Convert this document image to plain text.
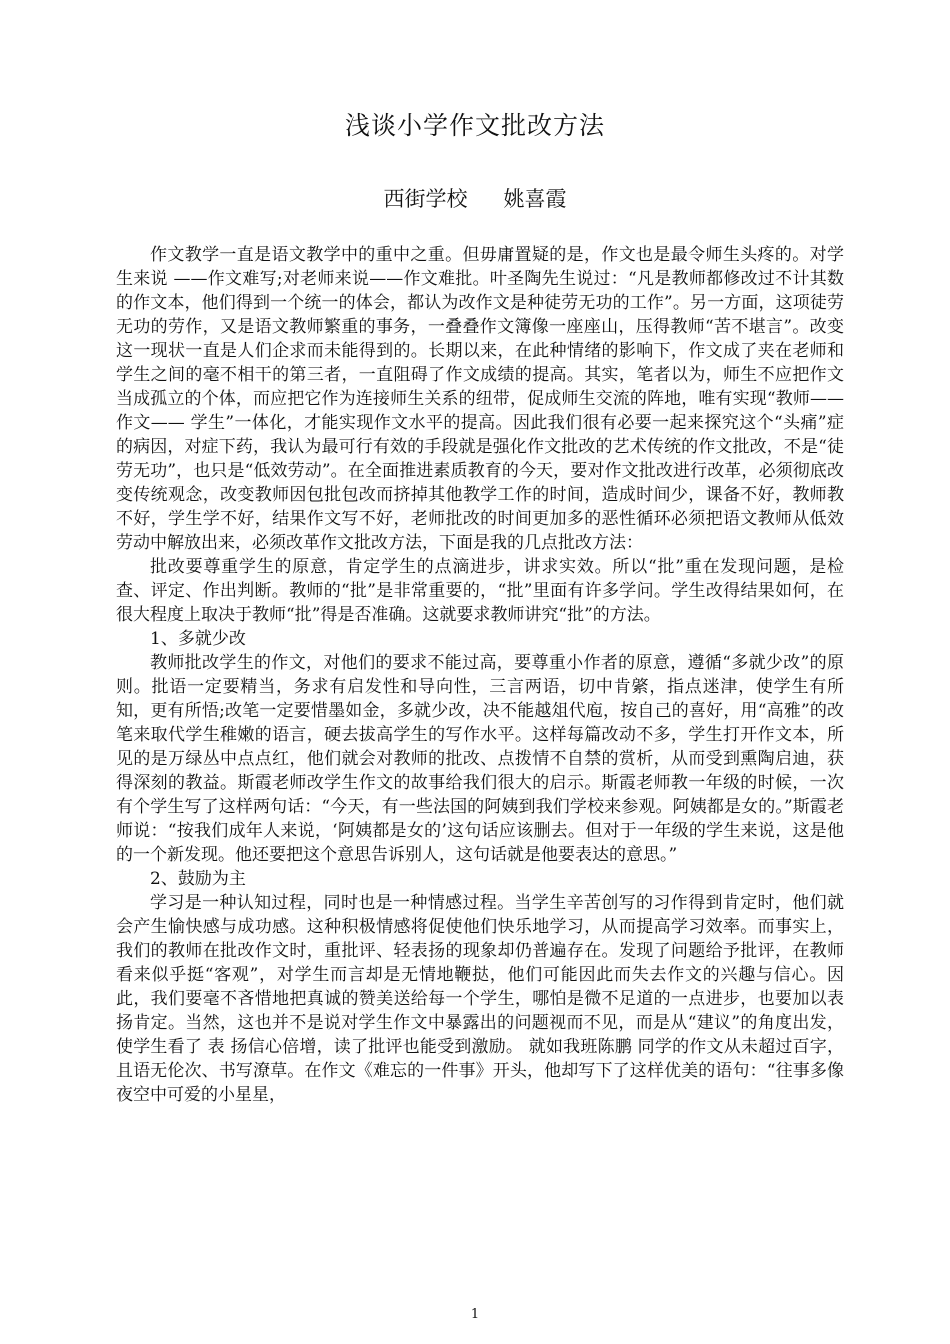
浅谈小学作文批改方法
西街学校 姚喜霞

作文教学一直是语文教学中的重中之重。但毋庸置疑的是，作文也是最令师生头疼的。对学生来说 ——作文难写;对老师来说——作文难批。叶圣陶先生说过：“凡是教师都修改过不计其数的作文本，他们得到一个统一的体会，都认为改作文是种徒劳无功的工作”。另一方面，这项徒劳无功的劳作，又是语文教师繁重的事务，一叠叠作文簿像一座座山，压得教师“苦不堪言”。改变这一现状一直是人们企求而未能得到的。长期以来，在此种情绪的影响下，作文成了夹在老师和学生之间的毫不相干的第三者，一直阻碍了作文成绩的提高。其实，笔者以为，师生不应把作文当成孤立的个体，而应把它作为连接师生关系的纽带，促成师生交流的阵地，唯有实现“教师——作文—— 学生”一体化，才能实现作文水平的提高。因此我们很有必要一起来探究这个“头痛”症的病因，对症下药，我认为最可行有效的手段就是强化作文批改的艺术传统的作文批改，不是“徒劳无功”，也只是“低效劳动”。在全面推进素质教育的今天，要对作文批改进行改革，必须彻底改变传统观念，改变教师因包批包改而挤掉其他教学工作的时间，造成时间少，课备不好，教师教不好，学生学不好，结果作文写不好，老师批改的时间更加多的恶性循环必须把语文教师从低效劳动中解放出来，必须改革作文批改方法，下面是我的几点批改方法：

批改要尊重学生的原意，肯定学生的点滴进步，讲求实效。所以“批”重在发现问题，是检查、评定、作出判断。教师的“批”是非常重要的，“批”里面有许多学问。学生改得结果如何，在很大程度上取决于教师“批”得是否准确。这就要求教师讲究“批”的方法。

1、多就少改

教师批改学生的作文，对他们的要求不能过高，要尊重小作者的原意，遵循“多就少改”的原则。批语一定要精当，务求有启发性和导向性，三言两语，切中肯綮，指点迷津，使学生有所知，更有所悟;改笔一定要惜墨如金，多就少改，决不能越俎代庖，按自己的喜好，用“高雅”的改笔来取代学生稚嫩的语言，硬去拔高学生的写作水平。这样每篇改动不多，学生打开作文本，所见的是万绿丛中点点红，他们就会对教师的批改、点拨情不自禁的赏析，从而受到熏陶启迪，获得深刻的教益。斯霞老师改学生作文的故事给我们很大的启示。斯霞老师教一年级的时候，一次有个学生写了这样两句话：“今天，有一些法国的阿姨到我们学校来参观。阿姨都是女的。”斯霞老师说：“按我们成年人来说，‘阿姨都是女的’这句话应该删去。但对于一年级的学生来说，这是他的一个新发现。他还要把这个意思告诉别人，这句话就是他要表达的意思。”

2、鼓励为主

学习是一种认知过程，同时也是一种情感过程。当学生辛苦创写的习作得到肯定时，他们就会产生愉快感与成功感。这种积极情感将促使他们快乐地学习，从而提高学习效率。而事实上，我们的教师在批改作文时，重批评、轻表扬的现象却仍普遍存在。发现了问题给予批评，在教师看来似乎挺“客观”，对学生而言却是无情地鞭挞，他们可能因此而失去作文的兴趣与信心。因此，我们要毫不吝惜地把真诚的赞美送给每一个学生，哪怕是微不足道的一点进步，也要加以表扬肯定。当然，这也并不是说对学生作文中暴露出的问题视而不见，而是从“建议”的角度出发，使学生看了 表 扬信心倍增，读了批评也能受到激励。 就如我班陈鹏 同学的作文从未超过百字，且语无伦次、书写潦草。在作文《难忘的一件事》开头，他却写下了这样优美的语句：“往事多像夜空中可爱的小星星，

1
